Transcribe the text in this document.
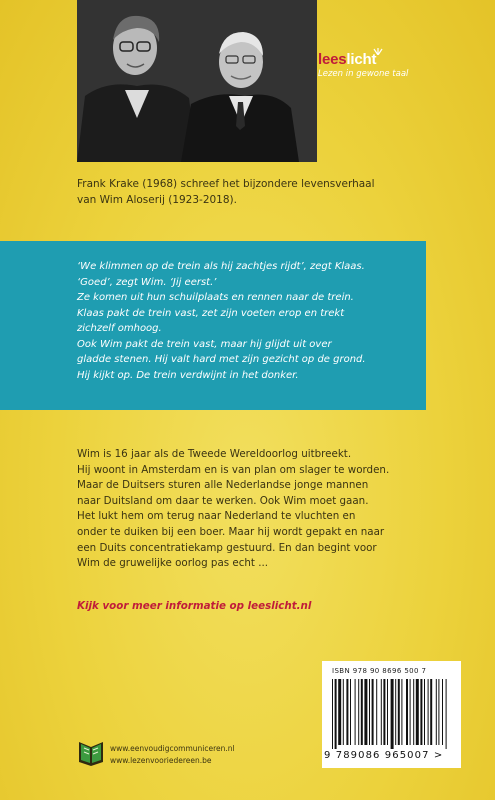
leeslicht
Lezen in gewone taal
Frank Krake (1968) schreef het bijzondere levensverhaal van Wim Aloserij (1923-2018).
‘We klimmen op de trein als hij zachtjes rijdt’, zegt Klaas.
‘Goed’, zegt Wim. ‘Jij eerst.’
Ze komen uit hun schuilplaats en rennen naar de trein.
Klaas pakt de trein vast, zet zijn voeten erop en trekt
zichzelf omhoog.
Ook Wim pakt de trein vast, maar hij glijdt uit over
gladde stenen. Hij valt hard met zijn gezicht op de grond.
Hij kijkt op. De trein verdwijnt in het donker.
Wim is 16 jaar als de Tweede Wereldoorlog uitbreekt.
Hij woont in Amsterdam en is van plan om slager te worden.
Maar de Duitsers sturen alle Nederlandse jonge mannen
naar Duitsland om daar te werken. Ook Wim moet gaan.
Het lukt hem om terug naar Nederland te vluchten en
onder te duiken bij een boer. Maar hij wordt gepakt en naar
een Duits concentratiekamp gestuurd. En dan begint voor
Wim de gruwelijke oorlog pas echt ...
Kijk voor meer informatie op leeslicht.nl
www.eenvoudigcommuniceren.nl
www.lezenvooriedereen.be
ISBN 978 90 8696 500 7
9 789086 965007 >
